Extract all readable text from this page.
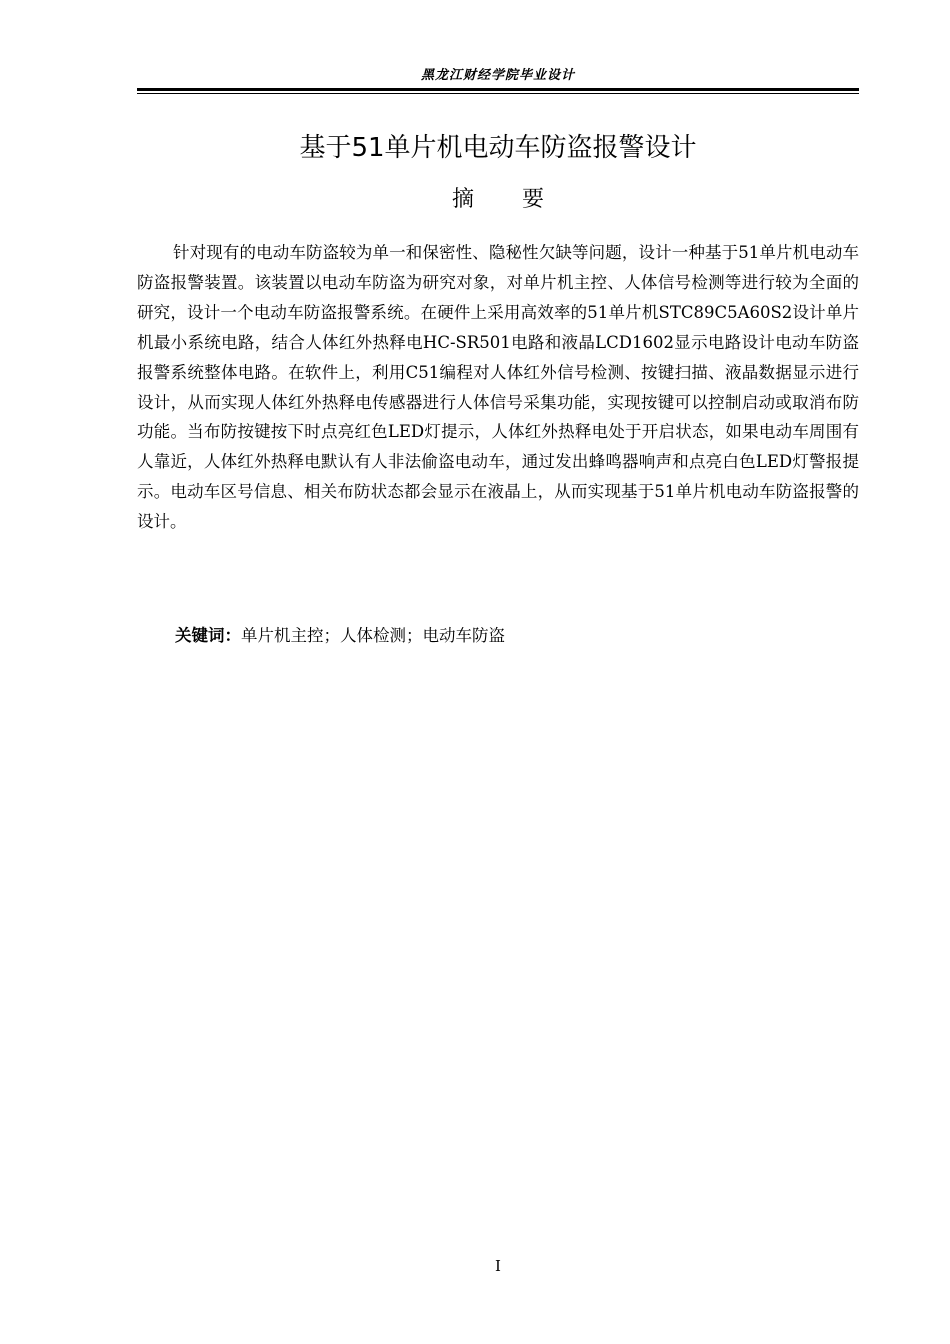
黑龙江财经学院毕业设计
基于51单片机电动车防盗报警设计
摘要

针对现有的电动车防盗较为单一和保密性、隐秘性欠缺等问题，设计一种基于51单片机电动车防盗报警装置。该装置以电动车防盗为研究对象，对单片机主控、人体信号检测等进行较为全面的研究，设计一个电动车防盗报警系统。在硬件上采用高效率的51单片机STC89C5A60S2设计单片机最小系统电路，结合人体红外热释电HC-SR501电路和液晶LCD1602显示电路设计电动车防盗报警系统整体电路。在软件上，利用C51编程对人体红外信号检测、按键扫描、液晶数据显示进行设计，从而实现人体红外热释电传感器进行人体信号采集功能，实现按键可以控制启动或取消布防功能。当布防按键按下时点亮红色LED灯提示，人体红外热释电处于开启状态，如果电动车周围有人靠近，人体红外热释电默认有人非法偷盗电动车，通过发出蜂鸣器响声和点亮白色LED灯警报提示。电动车区号信息、相关布防状态都会显示在液晶上，从而实现基于51单片机电动车防盗报警的设计。

关键词：单片机主控；人体检测；电动车防盗
I
